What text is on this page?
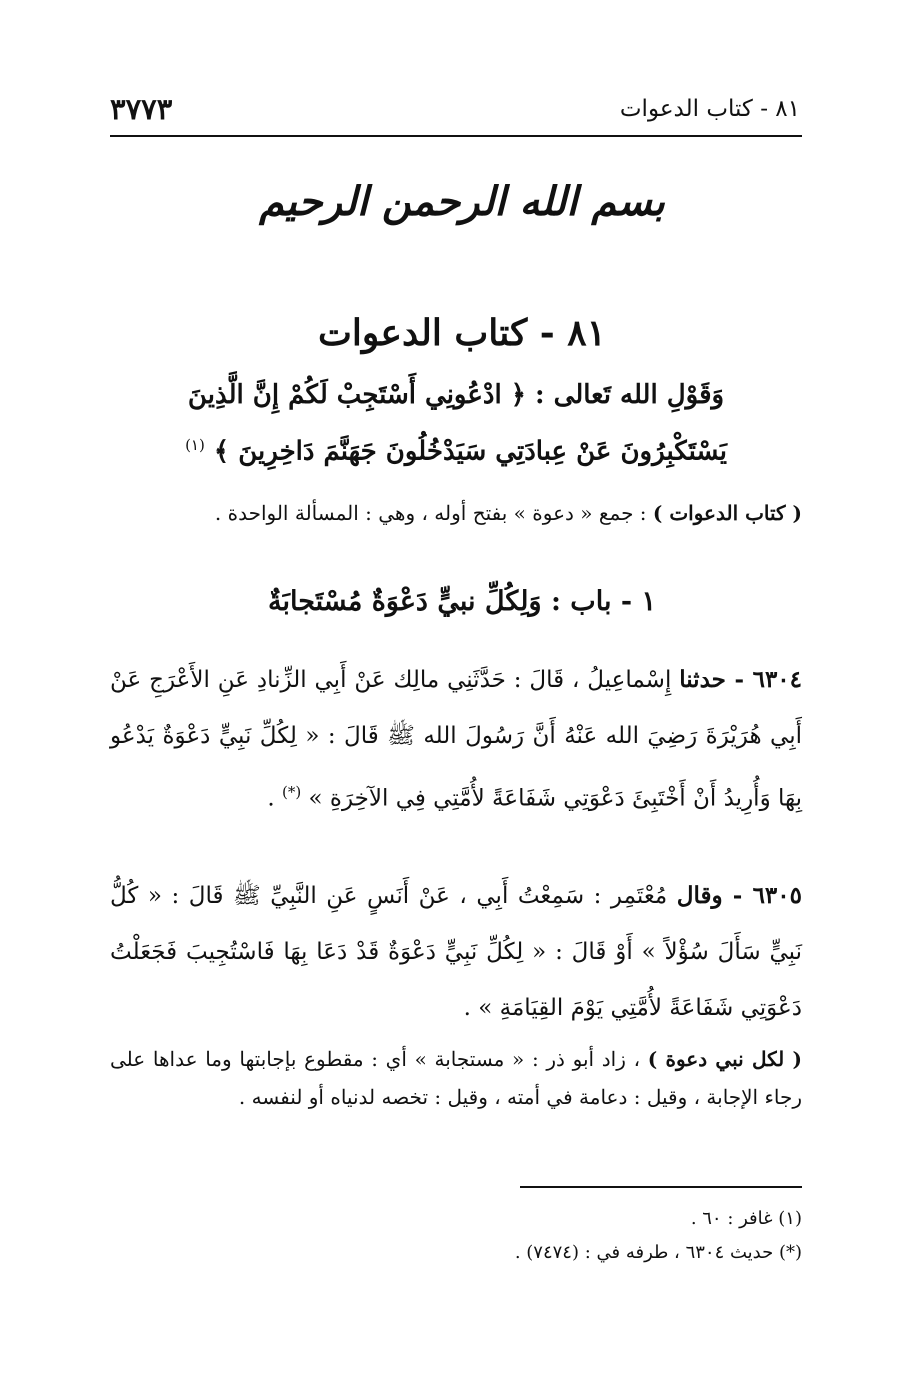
٣٧٧٣	٨١ - كتاب الدعوات
بسم الله الرحمن الرحيم
٨١ - كتاب الدعوات
وَقَوْلِ الله تَعالى : ﴿ ادْعُونِي أَسْتَجِبْ لَكُمْ إِنَّ الَّذِينَ
يَسْتَكْبِرُونَ عَنْ عِبادَتِي سَيَدْخُلُونَ جَهَنَّمَ دَاخِرِينَ ﴾ $^{(١)}$
( كتاب الدعوات ) : جمع « دعوة » بفتح أوله ، وهي : المسألة الواحدة .
١ - باب : وَلِكُلِّ نبيٍّ دَعْوَةٌ مُسْتَجابَةٌ
٦٣٠٤ - حدثنا إِسْماعِيلُ ، قَالَ : حَدَّثَنِي مالِك عَنْ أَبِي الزِّنادِ عَنِ الأَعْرَجِ عَنْ أَبِي هُرَيْرَةَ رَضِيَ الله عَنْهُ أَنَّ رَسُولَ الله ﷺ قَالَ : « لِكُلِّ نَبِيٍّ دَعْوَةٌ يَدْعُو بِهَا وَأُرِيدُ أَنْ أَخْتَبِئَ دَعْوَتِي شَفَاعَةً لأُمَّتِي فِي الآخِرَةِ » (*) .
٦٣٠٥ - وقال مُعْتَمِر : سَمِعْتُ أَبِي ، عَنْ أَنَسٍ عَنِ النَّبِيِّ ﷺ قَالَ : « كُلُّ نَبِيٍّ سَأَلَ سُؤْلاً » أَوْ قَالَ : « لِكُلِّ نَبِيٍّ دَعْوَةٌ قَدْ دَعَا بِهَا فَاسْتُجِيبَ فَجَعَلْتُ دَعْوَتِي شَفَاعَةً لأُمَّتِي يَوْمَ القِيَامَةِ » .
( لكل نبي دعوة ) ، زاد أبو ذر : « مستجابة » أي : مقطوع بإجابتها وما عداها على رجاء الإجابة ، وقيل : دعامة في أمته ، وقيل : تخصه لدنياه أو لنفسه .
(١) غافر : ٦٠ .
(*) حديث ٦٣٠٤ ، طرفه في : (٧٤٧٤) .
